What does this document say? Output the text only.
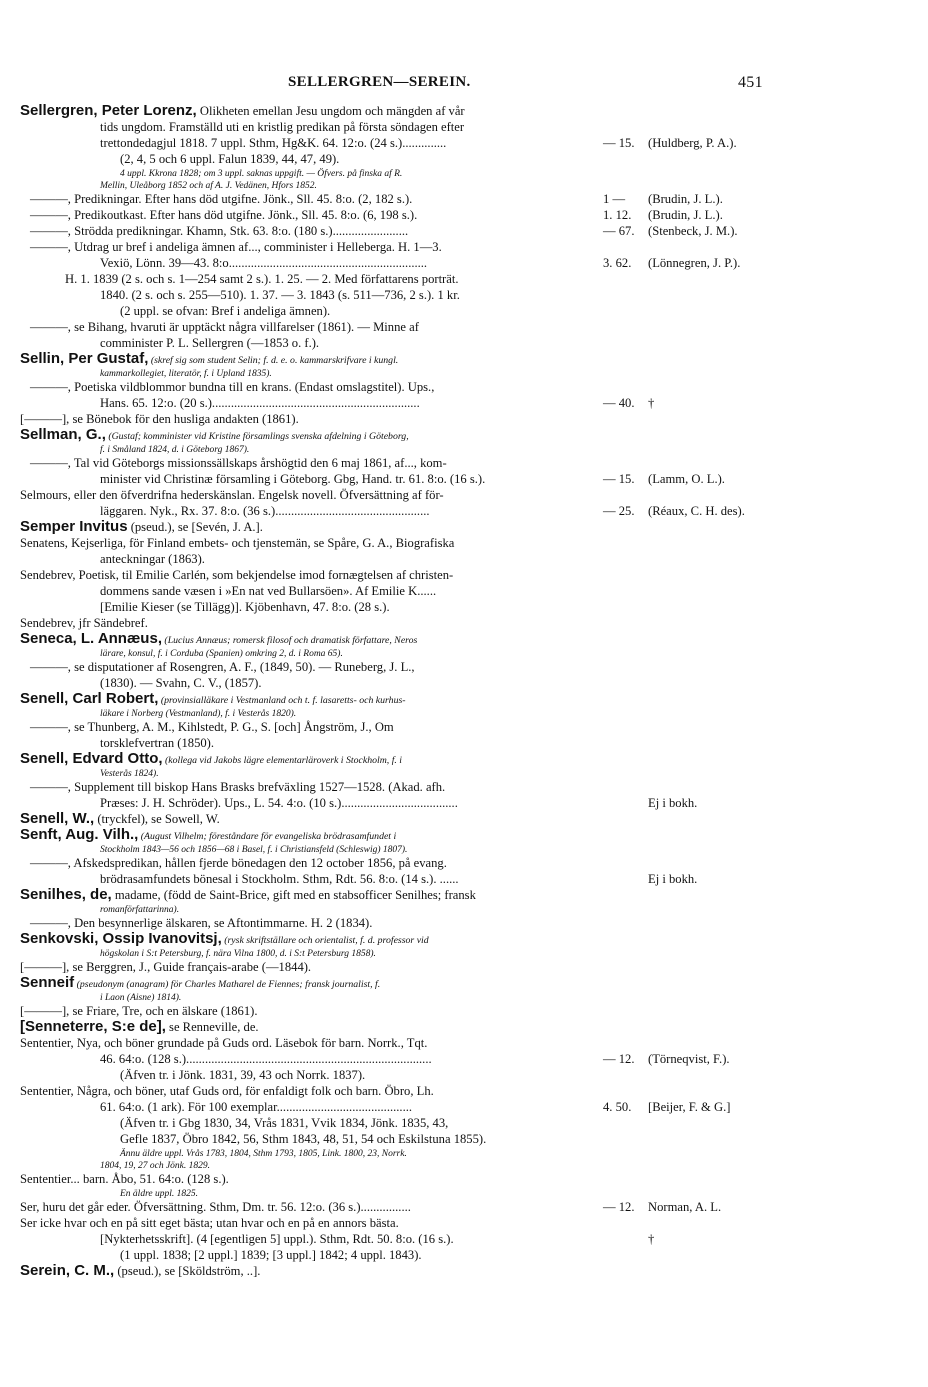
SELLERGREN—SEREIN.	451
Sellergren, Peter Lorenz, Olikheten emellan Jesu ungdom och mängden af vår
tids ungdom. Framställd uti en kristlig predikan på första söndagen efter
trettondedagjul 1818. 7 uppl. Sthm, Hg&K. 64. 12:o. (24 s.)..............	— 15. (Huldberg, P. A.).
(2, 4, 5 och 6 uppl. Falun 1839, 44, 47, 49).
4 uppl. Kkrona 1828; om 3 uppl. saknas uppgift. — Öfvers. på finska af R.
Mellin, Uleåborg 1852 och af A. J. Vedänen, Hfors 1852.
———, Predikningar. Efter hans död utgifne. Jönk., Sll. 45. 8:o. (2, 182 s.).	1 — (Brudin, J. L.).
———, Predikoutkast. Efter hans död utgifne. Jönk., Sll. 45. 8:o. (6, 198 s.).	1. 12. (Brudin, J. L.).
———, Strödda predikningar. Khamn, Stk. 63. 8:o. (180 s.)........................	— 67. (Stenbeck, J. M.).
———, Utdrag ur bref i andeliga ämnen af..., comminister i Helleberga. H. 1—3.
Vexiö, Lönn. 39—43. 8:o...............................................................	3. 62. (Lönnegren, J. P.).
H. 1. 1839 (2 s. och s. 1—254 samt 2 s.). 1. 25. — 2. Med författarens porträt.
1840. (2 s. och s. 255—510). 1. 37. — 3. 1843 (s. 511—736, 2 s.). 1 kr.
(2 uppl. se ofvan: Bref i andeliga ämnen).
———, se Bihang, hvaruti är upptäckt några villfarelser (1861). — Minne af
comminister P. L. Sellergren (—1853 o. f.).
Sellin, Per Gustaf, (skref sig som student Selin; f. d. e. o. kammarskrifvare i kungl.
kammarkollegiet, literatör, f. i Upland 1835).
———, Poetiska vildblommor bundna till en krans. (Endast omslagstitel). Ups.,
Hans. 65. 12:o. (20 s.)..................................................................	— 40. †
[———], se Bönebok för den husliga andakten (1861).
Sellman, G., (Gustaf; komminister vid Kristine församlings svenska afdelning i Göteborg,
f. i Småland 1824, d. i Göteborg 1867).
———, Tal vid Göteborgs missionssällskaps årshögtid den 6 maj 1861, af..., kom-
minister vid Christinæ församling i Göteborg. Gbg, Hand. tr. 61. 8:o. (16 s.).	— 15. (Lamm, O. L.).
Selmours, eller den öfverdrifna hederskänslan. Engelsk novell. Öfversättning af för-
läggaren. Nyk., Rx. 37. 8:o. (36 s.).................................................	— 25. (Réaux, C. H. des).
Semper Invitus (pseud.), se [Sevén, J. A.].
Senatens, Kejserliga, för Finland embets- och tjenstemän, se Spåre, G. A., Biografiska
anteckningar (1863).
Sendebrev, Poetisk, til Emilie Carlén, som bekjendelse imod fornægtelsen af christen-
dommens sande væsen i »En nat ved Bullarsöen». Af Emilie K......
[Emilie Kieser (se Tillägg)]. Kjöbenhavn, 47. 8:o. (28 s.).
Sendebrev, jfr Sändebref.
Seneca, L. Annæus, (Lucius Annæus; romersk filosof och dramatisk författare, Neros
lärare, konsul, f. i Corduba (Spanien) omkring 2, d. i Roma 65).
———, se disputationer af Rosengren, A. F., (1849, 50). — Runeberg, J. L.,
(1830). — Svahn, C. V., (1857).
Senell, Carl Robert, (provinsialläkare i Vestmanland och t. f. lasaretts- och kurhus-
läkare i Norberg (Vestmanland), f. i Vesterås 1820).
———, se Thunberg, A. M., Kihlstedt, P. G., S. [och] Ångström, J., Om
torsklefvertran (1850).
Senell, Edvard Otto, (kollega vid Jakobs lägre elementarläroverk i Stockholm, f. i
Vesterås 1824).
———, Supplement till biskop Hans Brasks brefväxling 1527—1528. (Akad. afh.
Præses: J. H. Schröder). Ups., L. 54. 4:o. (10 s.).....................................	Ej i bokh.
Senell, W., (tryckfel), se Sowell, W.
Senft, Aug. Vilh., (August Vilhelm; föreståndare för evangeliska brödrasamfundet i
Stockholm 1843—56 och 1856—68 i Basel, f. i Christiansfeld (Schleswig) 1807).
———, Afskedspredikan, hållen fjerde bönedagen den 12 october 1856, på evang.
brödrasamfundets bönesal i Stockholm. Sthm, Rdt. 56. 8:o. (14 s.). ......	Ej i bokh.
Senilhes, de, madame, (född de Saint-Brice, gift med en stabsofficer Senilhes; fransk
romanförfattarinna).
———, Den besynnerlige älskaren, se Aftontimmarne. H. 2 (1834).
Senkovski, Ossip Ivanovitsj, (rysk skriftställare och orientalist, f. d. professor vid
högskolan i S:t Petersburg, f. nära Vilna 1800, d. i S:t Petersburg 1858).
[———], se Berggren, J., Guide français-arabe (—1844).
Senneif (pseudonym (anagram) för Charles Matharel de Fiennes; fransk journalist, f.
i Laon (Aisne) 1814).
[———], se Friare, Tre, och en älskare (1861).
[Senneterre, S:e de], se Renneville, de.
Sententier, Nya, och böner grundade på Guds ord. Läsebok för barn. Norrk., Tqt.
46. 64:o. (128 s.)..............................................................................	— 12. (Törneqvist, F.).
(Äfven tr. i Jönk. 1831, 39, 43 och Norrk. 1837).
Sententier, Några, och böner, utaf Guds ord, för enfaldigt folk och barn. Öbro, Lh.
61. 64:o. (1 ark). För 100 exemplar...........................................	4. 50. [Beijer, F. & G.]
(Äfven tr. i Gbg 1830, 34, Vrås 1831, Vvik 1834, Jönk. 1835, 43,
Gefle 1837, Öbro 1842, 56, Sthm 1843, 48, 51, 54 och Eskilstuna 1855).
Ännu äldre uppl. Vrås 1783, 1804, Sthm 1793, 1805, Link. 1800, 23, Norrk.
1804, 19, 27 och Jönk. 1829.
Sententier... barn. Åbo, 51. 64:o. (128 s.).
En äldre uppl. 1825.
Ser, huru det går eder. Öfversättning. Sthm, Dm. tr. 56. 12:o. (36 s.)................	— 12. Norman, A. L.
Ser icke hvar och en på sitt eget bästa; utan hvar och en på en annors bästa.
[Nykterhetsskrift]. (4 [egentligen 5] uppl.). Sthm, Rdt. 50. 8:o. (16 s.).	†
(1 uppl. 1838; [2 uppl.] 1839; [3 uppl.] 1842; 4 uppl. 1843).
Serein, C. M., (pseud.), se [Sköldström, ..].
